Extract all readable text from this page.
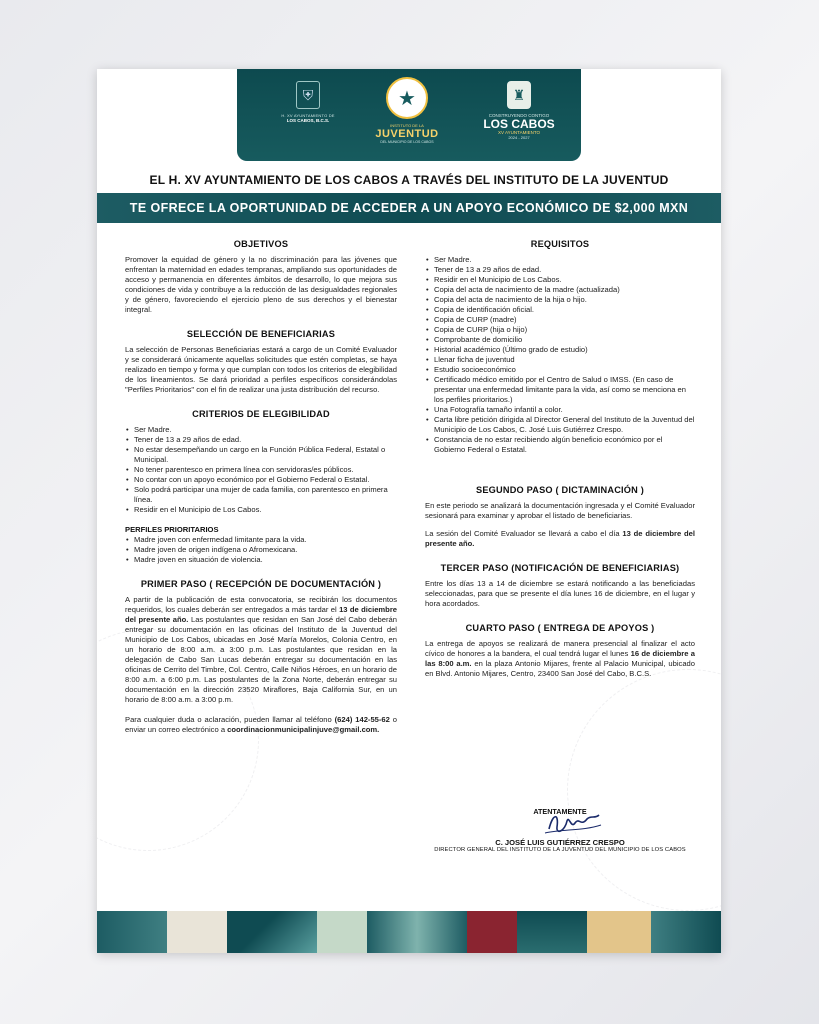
⛨
H. XV AYUNTAMIENTO DE
LOS CABOS, B.C.S.
★
INSTITUTO DE LA
JUVENTUD
DEL MUNICIPIO DE LOS CABOS
♜
CONSTRUYENDO CONTIGO
LOS CABOS
XV AYUNTAMIENTO
2024 - 2027
EL H. XV AYUNTAMIENTO DE LOS CABOS A TRAVÉS DEL INSTITUTO DE LA JUVENTUD
TE OFRECE LA OPORTUNIDAD DE ACCEDER A UN APOYO ECONÓMICO DE $2,000 MXN
OBJETIVOS

Promover la equidad de género y la no discriminación para las jóvenes que enfrentan la maternidad en edades tempranas, ampliando sus oportunidades de acceso y permanencia en diferentes ámbitos de desarrollo, lo que mejora sus condiciones de vida y contribuye a la reducción de las desigualdades regionales y de género, favoreciendo el ejercicio pleno de sus derechos y el bienestar integral.

SELECCIÓN DE BENEFICIARIAS

La selección de Personas Beneficiarias estará a cargo de un Comité Evaluador y se considerará únicamente aquellas solicitudes que estén completas, se haya realizado en tiempo y forma y que cumplan con todos los criterios de elegibilidad de los lineamientos. Se dará prioridad a perfiles específicos considerándolas "Perfiles Prioritarios" con el fin de realizar una justa distribución del recurso.

CRITERIOS DE ELEGIBILIDAD
• Ser Madre.
• Tener de 13 a 29 años de edad.
• No estar desempeñando un cargo en la Función Pública Federal, Estatal o Municipal.
• No tener parentesco en primera línea con servidoras/es públicos.
• No contar con un apoyo económico por el Gobierno Federal o Estatal.
• Solo podrá participar una mujer de cada familia, con parentesco en primera línea.
• Residir en el Municipio de Los Cabos.
PERFILES PRIORITARIOS
• Madre joven con enfermedad limitante para la vida.
• Madre joven de origen indígena o Afromexicana.
• Madre joven en situación de violencia.
PRIMER PASO ( RECEPCIÓN DE DOCUMENTACIÓN )

A partir de la publicación de esta convocatoria, se recibirán los documentos requeridos, los cuales deberán ser entregados a más tardar el 13 de diciembre del presente año. Las postulantes que residan en San José del Cabo deberán entregar su documentación en las oficinas del Instituto de la Juventud del Municipio de Los Cabos, ubicadas en José María Morelos, Colonia Centro, en un horario de 8:00 a.m. a 3:00 p.m. Las postulantes que residan en la delegación de Cabo San Lucas deberán entregar su documentación en las oficinas de Cerrito del Timbre, Col. Centro, Calle Niños Héroes, en un horario de 8:00 a.m. a 6:00 p.m. Las postulantes de la Zona Norte, deberán entregar su documentación en la dirección 23520 Miraflores, Baja California Sur, en un horario de 8:00 a.m. a 3:00 p.m.

Para cualquier duda o aclaración, pueden llamar al teléfono (624) 142-55-62 o enviar un correo electrónico a coordinacionmunicipalinjuve@gmail.com.

REQUISITOS
• Ser Madre.
• Tener de 13 a 29 años de edad.
• Residir en el Municipio de Los Cabos.
• Copia del acta de nacimiento de la madre (actualizada)
• Copia del acta de nacimiento de la hija o hijo.
• Copia de identificación oficial.
• Copia de CURP (madre)
• Copia de CURP (hija o hijo)
• Comprobante de domicilio
• Historial académico (Último grado de estudio)
• Llenar ficha de juventud
• Estudio socioeconómico
• Certificado médico emitido por el Centro de Salud o IMSS. (En caso de presentar una enfermedad limitante para la vida, así como se menciona en los perfiles prioritarios.)
• Una Fotografía tamaño infantil a color.
• Carta libre petición dirigida al Director General del Instituto de la Juventud del Municipio de Los Cabos, C. José Luis Gutiérrez Crespo.
• Constancia de no estar recibiendo algún beneficio económico por el Gobierno Federal o Estatal.
SEGUNDO PASO ( DICTAMINACIÓN )

En este periodo se analizará la documentación ingresada y el Comité Evaluador sesionará para examinar y aprobar el listado de beneficiarias.

La sesión del Comité Evaluador se llevará a cabo el día 13 de diciembre del presente año.

TERCER PASO (NOTIFICACIÓN DE BENEFICIARIAS)

Entre los días 13 a 14 de diciembre se estará notificando a las beneficiadas seleccionadas, para que se presente el día lunes 16 de diciembre, en el lugar y hora acordados.

CUARTO PASO ( ENTREGA DE APOYOS )

La entrega de apoyos se realizará de manera presencial al finalizar el acto cívico de honores a la bandera, el cual tendrá lugar el lunes 16 de diciembre a las 8:00 a.m. en la plaza Antonio Mijares, frente al Palacio Municipal, ubicado en Blvd. Antonio Mijares, Centro, 23400 San José del Cabo, B.C.S.

ATENTAMENTE
C. JOSÉ LUIS GUTIÉRREZ CRESPO
DIRECTOR GENERAL DEL INSTITUTO DE LA JUVENTUD DEL MUNICIPIO DE LOS CABOS
